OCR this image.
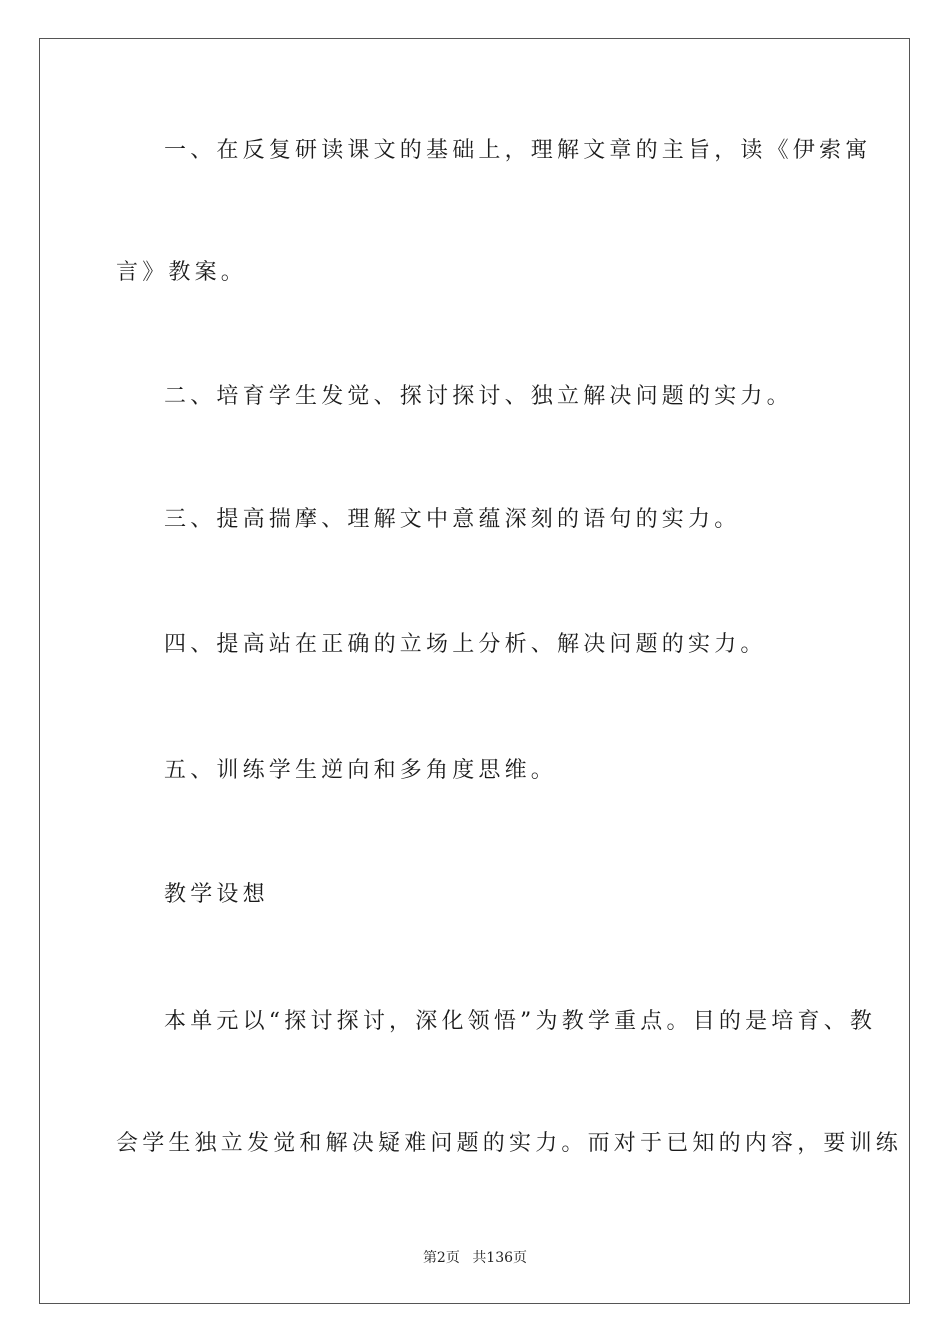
一、在反复研读课文的基础上，理解文章的主旨，读《伊索寓
言》教案。
二、培育学生发觉、探讨探讨、独立解决问题的实力。
三、提高揣摩、理解文中意蕴深刻的语句的实力。
四、提高站在正确的立场上分析、解决问题的实力。
五、训练学生逆向和多角度思维。
教学设想
本单元以“探讨探讨，深化领悟”为教学重点。目的是培育、教
会学生独立发觉和解决疑难问题的实力。而对于已知的内容，要训练
第2页 共136页
